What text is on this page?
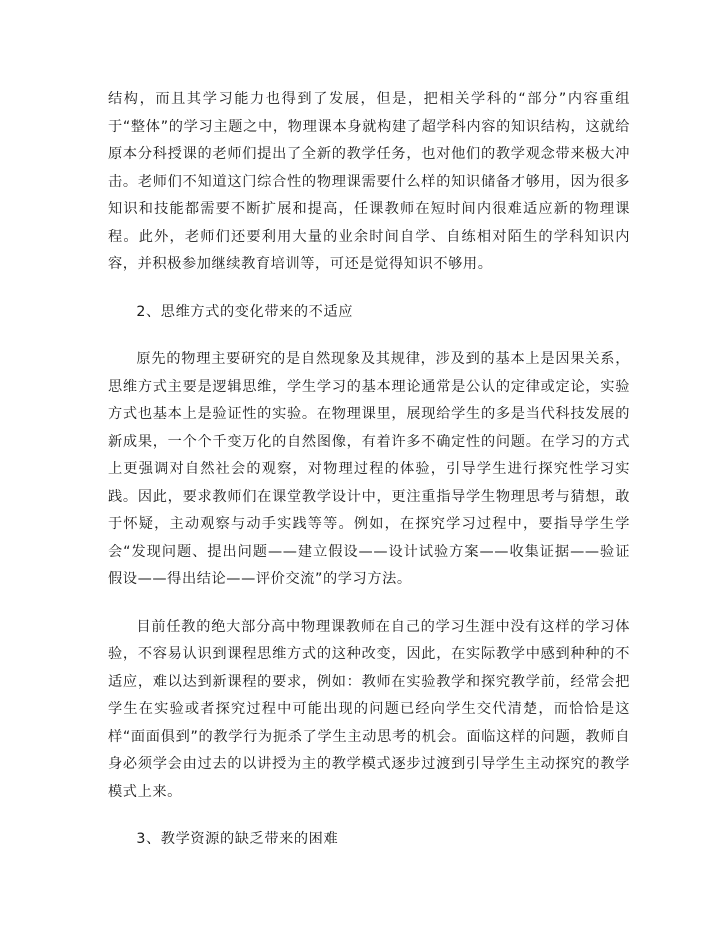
结构，而且其学习能力也得到了发展，但是，把相关学科的“部分”内容重组于“整体”的学习主题之中，物理课本身就构建了超学科内容的知识结构，这就给原本分科授课的老师们提出了全新的教学任务，也对他们的教学观念带来极大冲击。老师们不知道这门综合性的物理课需要什么样的知识储备才够用，因为很多知识和技能都需要不断扩展和提高，任课教师在短时间内很难适应新的物理课程。此外，老师们还要利用大量的业余时间自学、自练相对陌生的学科知识内容，并积极参加继续教育培训等，可还是觉得知识不够用。

2、思维方式的变化带来的不适应

原先的物理主要研究的是自然现象及其规律，涉及到的基本上是因果关系，思维方式主要是逻辑思维，学生学习的基本理论通常是公认的定律或定论，实验方式也基本上是验证性的实验。在物理课里，展现给学生的多是当代科技发展的新成果，一个个千变万化的自然图像，有着许多不确定性的问题。在学习的方式上更强调对自然社会的观察，对物理过程的体验，引导学生进行探究性学习实践。因此，要求教师们在课堂教学设计中，更注重指导学生物理思考与猜想，敢于怀疑，主动观察与动手实践等等。例如，在探究学习过程中，要指导学生学会“发现问题、提出问题——建立假设——设计试验方案——收集证据——验证假设——得出结论——评价交流”的学习方法。

目前任教的绝大部分高中物理课教师在自己的学习生涯中没有这样的学习体验，不容易认识到课程思维方式的这种改变，因此，在实际教学中感到种种的不适应，难以达到新课程的要求，例如：教师在实验教学和探究教学前，经常会把学生在实验或者探究过程中可能出现的问题已经向学生交代清楚，而恰恰是这样“面面俱到”的教学行为扼杀了学生主动思考的机会。面临这样的问题，教师自身必须学会由过去的以讲授为主的教学模式逐步过渡到引导学生主动探究的教学模式上来。

3、教学资源的缺乏带来的困难
